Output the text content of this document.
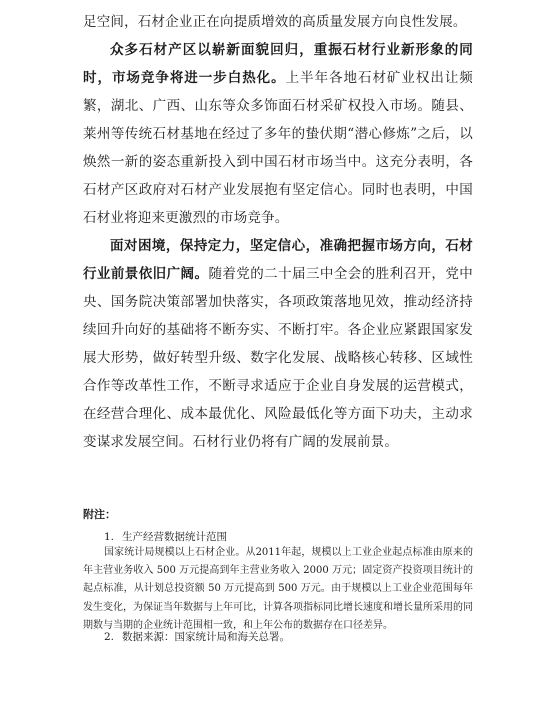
足空间，石材企业正在向提质增效的高质量发展方向良性发展。

众多石材产区以崭新面貌回归，重振石材行业新形象的同时，市场竞争将进一步白热化。上半年各地石材矿业权出让频繁，湖北、广西、山东等众多饰面石材采矿权投入市场。随县、莱州等传统石材基地在经过了多年的蛰伏期“潜心修炼”之后，以焕然一新的姿态重新投入到中国石材市场当中。这充分表明，各石材产区政府对石材产业发展抱有坚定信心。同时也表明，中国石材业将迎来更激烈的市场竞争。

面对困境，保持定力，坚定信心，准确把握市场方向，石材行业前景依旧广阔。随着党的二十届三中全会的胜利召开，党中央、国务院决策部署加快落实，各项政策落地见效，推动经济持续回升向好的基础将不断夯实、不断打牢。各企业应紧跟国家发展大形势，做好转型升级、数字化发展、战略核心转移、区域性合作等改革性工作，不断寻求适应于企业自身发展的运营模式，在经营合理化、成本最优化、风险最低化等方面下功夫，主动求变谋求发展空间。石材行业仍将有广阔的发展前景。

附注：

1. 生产经营数据统计范围

国家统计局规模以上石材企业。从2011年起，规模以上工业企业起点标准由原来的年主营业务收入 500 万元提高到年主营业务收入 2000 万元；固定资产投资项目统计的起点标准，从计划总投资额 50 万元提高到 500 万元。由于规模以上工业企业范围每年发生变化，为保证当年数据与上年可比，计算各项指标同比增长速度和增长量所采用的同期数与当期的企业统计范围相一致，和上年公布的数据存在口径差异。

2. 数据来源：国家统计局和海关总署。
